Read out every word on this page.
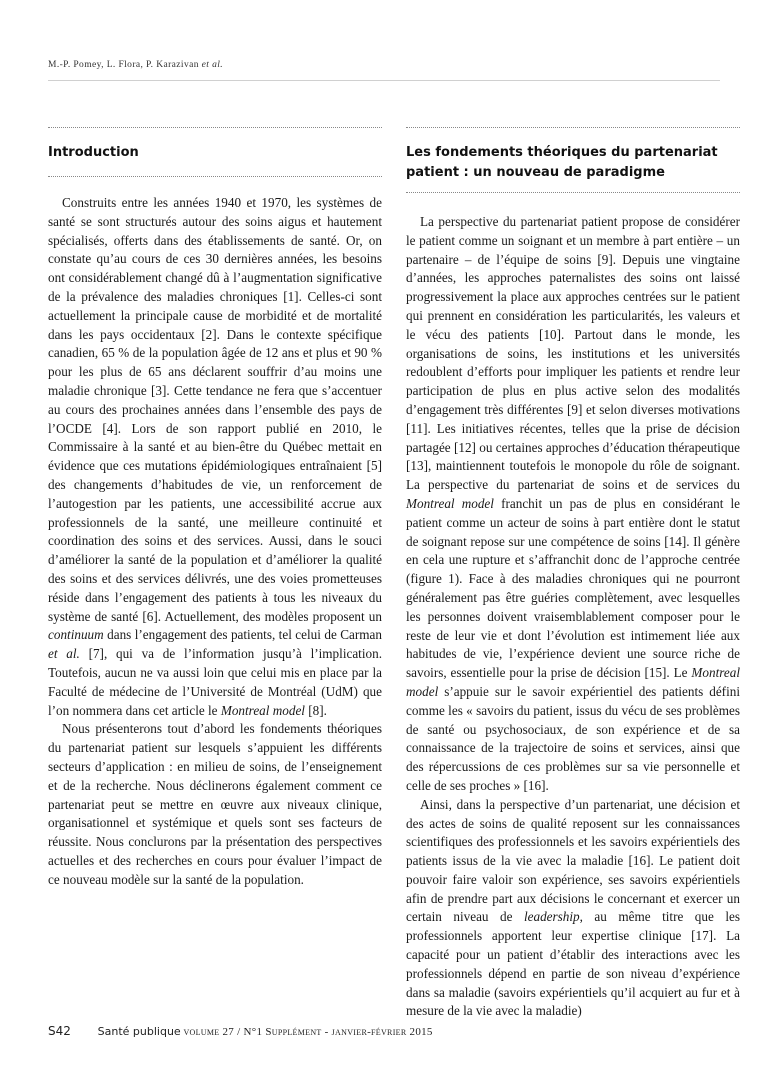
M.-P. Pomey, L. Flora, P. Karazivan et al.
Introduction

Construits entre les années 1940 et 1970, les systèmes de santé se sont structurés autour des soins aigus et hautement spécialisés, offerts dans des établissements de santé. Or, on constate qu’au cours de ces 30 dernières années, les besoins ont considérablement changé dû à l’augmentation significative de la prévalence des maladies chroniques [1]. Celles-ci sont actuellement la principale cause de morbidité et de mortalité dans les pays occidentaux [2]. Dans le contexte spécifique canadien, 65 % de la population âgée de 12 ans et plus et 90 % pour les plus de 65 ans déclarent souffrir d’au moins une maladie chronique [3]. Cette tendance ne fera que s’accentuer au cours des prochaines années dans l’ensemble des pays de l’OCDE [4]. Lors de son rapport publié en 2010, le Commissaire à la santé et au bien-être du Québec mettait en évidence que ces mutations épidémiologiques entraînaient [5] des changements d’habitudes de vie, un renforcement de l’autogestion par les patients, une accessibilité accrue aux professionnels de la santé, une meilleure continuité et coordination des soins et des services. Aussi, dans le souci d’améliorer la santé de la population et d’améliorer la qualité des soins et des services délivrés, une des voies prometteuses réside dans l’engagement des patients à tous les niveaux du système de santé [6]. Actuellement, des modèles proposent un continuum dans l’engagement des patients, tel celui de Carman et al. [7], qui va de l’information jusqu’à l’implication. Toutefois, aucun ne va aussi loin que celui mis en place par la Faculté de médecine de l’Université de Montréal (UdM) que l’on nommera dans cet article le Montreal model [8].

Nous présenterons tout d’abord les fondements théoriques du partenariat patient sur lesquels s’appuient les différents secteurs d’application : en milieu de soins, de l’enseignement et de la recherche. Nous déclinerons également comment ce partenariat peut se mettre en œuvre aux niveaux clinique, organisationnel et systémique et quels sont ses facteurs de réussite. Nous conclurons par la présentation des perspectives actuelles et des recherches en cours pour évaluer l’impact de ce nouveau modèle sur la santé de la population.

Les fondements théoriques du partenariat
patient : un nouveau de paradigme

La perspective du partenariat patient propose de considérer le patient comme un soignant et un membre à part entière – un partenaire – de l’équipe de soins [9]. Depuis une vingtaine d’années, les approches paternalistes des soins ont laissé progressivement la place aux approches centrées sur le patient qui prennent en considération les particularités, les valeurs et le vécu des patients [10]. Partout dans le monde, les organisations de soins, les institutions et les universités redoublent d’efforts pour impliquer les patients et rendre leur participation de plus en plus active selon des modalités d’engagement très différentes [9] et selon diverses motivations [11]. Les initiatives récentes, telles que la prise de décision partagée [12] ou certaines approches d’éducation thérapeutique [13], maintiennent toutefois le monopole du rôle de soignant. La perspective du partenariat de soins et de services du Montreal model franchit un pas de plus en considérant le patient comme un acteur de soins à part entière dont le statut de soignant repose sur une compétence de soins [14]. Il génère en cela une rupture et s’affranchit donc de l’approche centrée (figure 1). Face à des maladies chroniques qui ne pourront généralement pas être guéries complètement, avec lesquelles les personnes doivent vraisemblablement composer pour le reste de leur vie et dont l’évolution est intimement liée aux habitudes de vie, l’expérience devient une source riche de savoirs, essentielle pour la prise de décision [15]. Le Montreal model s’appuie sur le savoir expérientiel des patients défini comme les « savoirs du patient, issus du vécu de ses problèmes de santé ou psychosociaux, de son expérience et de sa connaissance de la trajectoire de soins et services, ainsi que des répercussions de ces problèmes sur sa vie personnelle et celle de ses proches » [16].

Ainsi, dans la perspective d’un partenariat, une décision et des actes de soins de qualité reposent sur les connaissances scientifiques des professionnels et les savoirs expérientiels des patients issus de la vie avec la maladie [16]. Le patient doit pouvoir faire valoir son expérience, ses savoirs expérientiels afin de prendre part aux décisions le concernant et exercer un certain niveau de leadership, au même titre que les professionnels apportent leur expertise clinique [17]. La capacité pour un patient d’établir des interactions avec les professionnels dépend en partie de son niveau d’expérience dans sa maladie (savoirs expérientiels qu’il acquiert au fur et à mesure de la vie avec la maladie)

S42 Santé publique volume 27 / N°1 Supplément - janvier-février 2015
